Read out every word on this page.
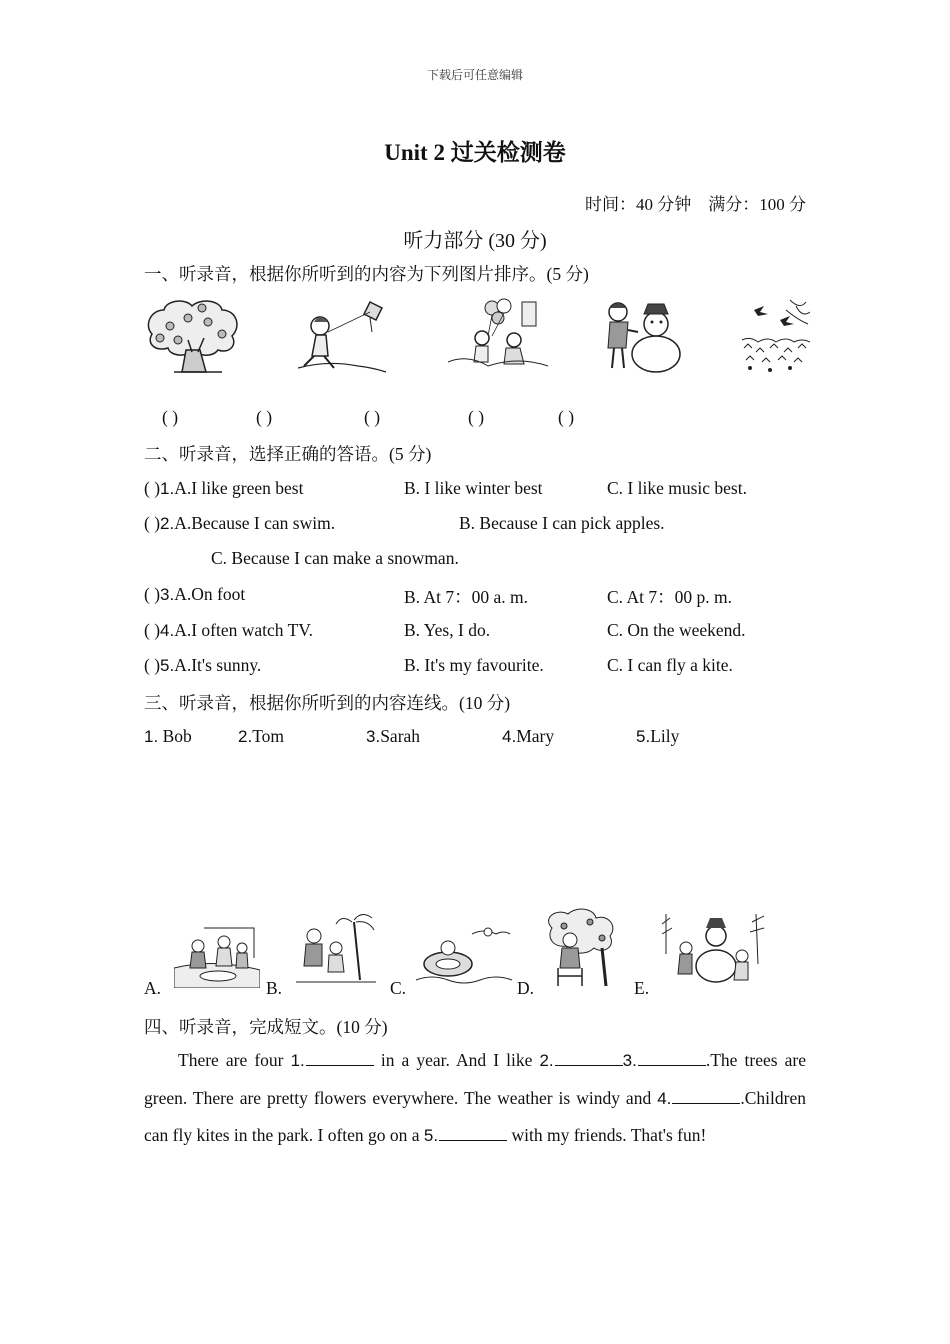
下载后可任意编辑
Unit 2 过关检测卷
时间：40 分钟 满分：100 分
听力部分 (30 分)
一、听录音，根据你所听到的内容为下列图片排序。(5 分)
( )	( )	( )	( )	( )
二、听录音，选择正确的答语。(5 分)
( )1.A.I like green best	B. I like winter best	C. I like music best.
( )2.A.Because I can swim.	B. Because I can pick apples.
C. Because I can make a snowman.
( )3.A.On foot	B. At 7：00 a. m.	C. At 7：00 p. m.
( )4.A.I often watch TV.	B. Yes, I do.	C. On the weekend.
( )5.A.It's sunny.	B. It's my favourite.	C. I can fly a kite.
三、听录音，根据你所听到的内容连线。(10 分)
1. Bob	2.Tom	3.Sarah	4.Mary	5.Lily
A.	B.	C.	D.	E.
四、听录音，完成短文。(10 分)

There are four 1.	in a year. And I like 2.	3.	.The trees are green. There are pretty flowers everywhere. The weather is windy and 4.	.Children can fly kites in the park. I often go on a 5.	with my friends. That's fun!
